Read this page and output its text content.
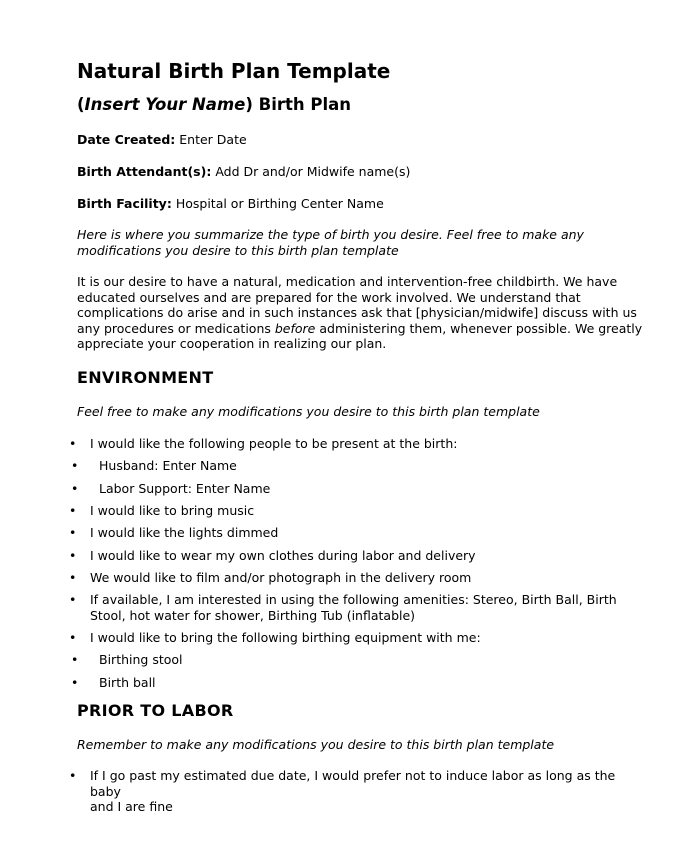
Natural Birth Plan Template
(Insert Your Name) Birth Plan
Date Created: Enter Date
Birth Attendant(s): Add Dr and/or Midwife name(s)
Birth Facility: Hospital or Birthing Center Name
Here is where you summarize the type of birth you desire. Feel free to make any
modifications you desire to this birth plan template
It is our desire to have a natural, medication and intervention-free childbirth. We have
educated ourselves and are prepared for the work involved. We understand that
complications do arise and in such instances ask that [physician/midwife] discuss with us
any procedures or medications before administering them, whenever possible. We greatly
appreciate your cooperation in realizing our plan.
ENVIRONMENT
Feel free to make any modifications you desire to this birth plan template
• I would like the following people to be present at the birth:
• Husband: Enter Name
• Labor Support: Enter Name
• I would like to bring music
• I would like the lights dimmed
• I would like to wear my own clothes during labor and delivery
• We would like to film and/or photograph in the delivery room
• If available, I am interested in using the following amenities: Stereo, Birth Ball, Birth
Stool, hot water for shower, Birthing Tub (inflatable)
• I would like to bring the following birthing equipment with me:
• Birthing stool
• Birth ball
PRIOR TO LABOR
Remember to make any modifications you desire to this birth plan template
• If I go past my estimated due date, I would prefer not to induce labor as long as the baby
and I are fine
